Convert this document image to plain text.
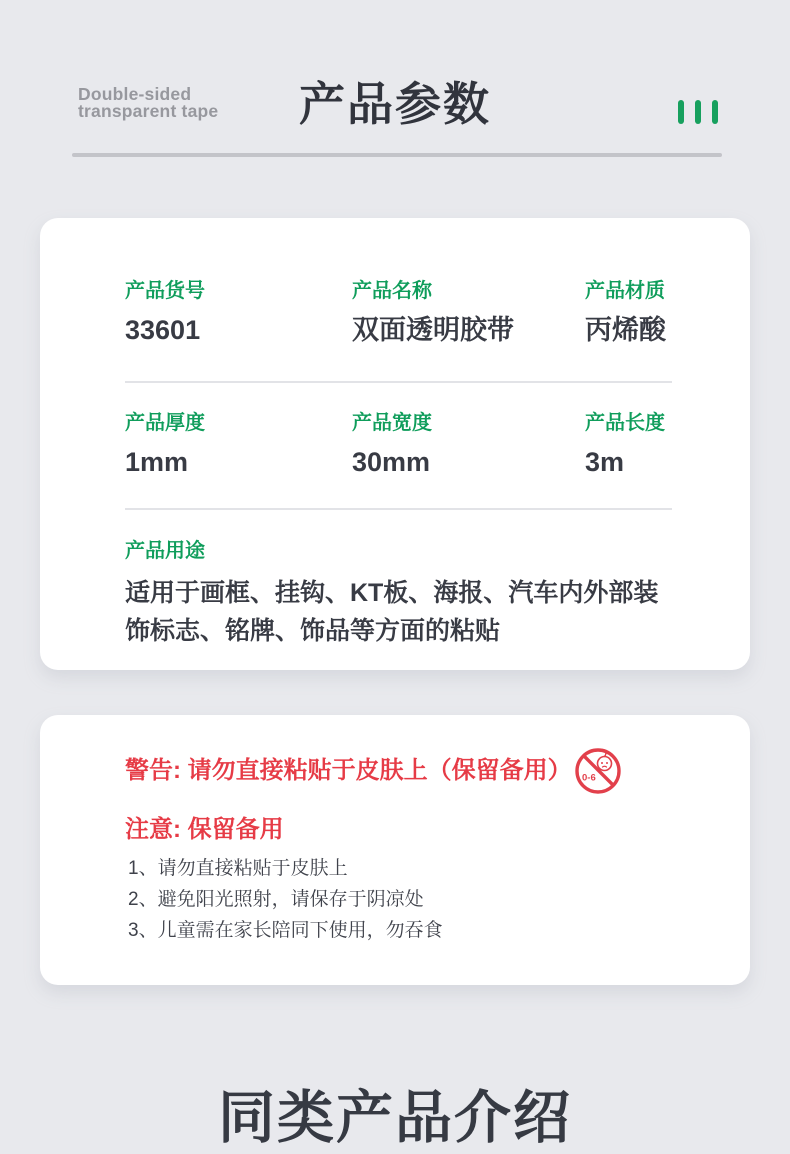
Double-sided
transparent tape	产品参数
产品货号
33601
产品名称
双面透明胶带
产品材质
丙烯酸
产品厚度
1mm
产品宽度
30mm
产品长度
3m
产品用途
适用于画框、挂钩、KT板、海报、汽车内外部装饰标志、铭牌、饰品等方面的粘贴
警告: 请勿直接粘贴于皮肤上（保留备用） 0-6
注意: 保留备用
1、请勿直接粘贴于皮肤上
2、避免阳光照射，请保存于阴凉处
3、儿童需在家长陪同下使用，勿吞食
同类产品介绍
